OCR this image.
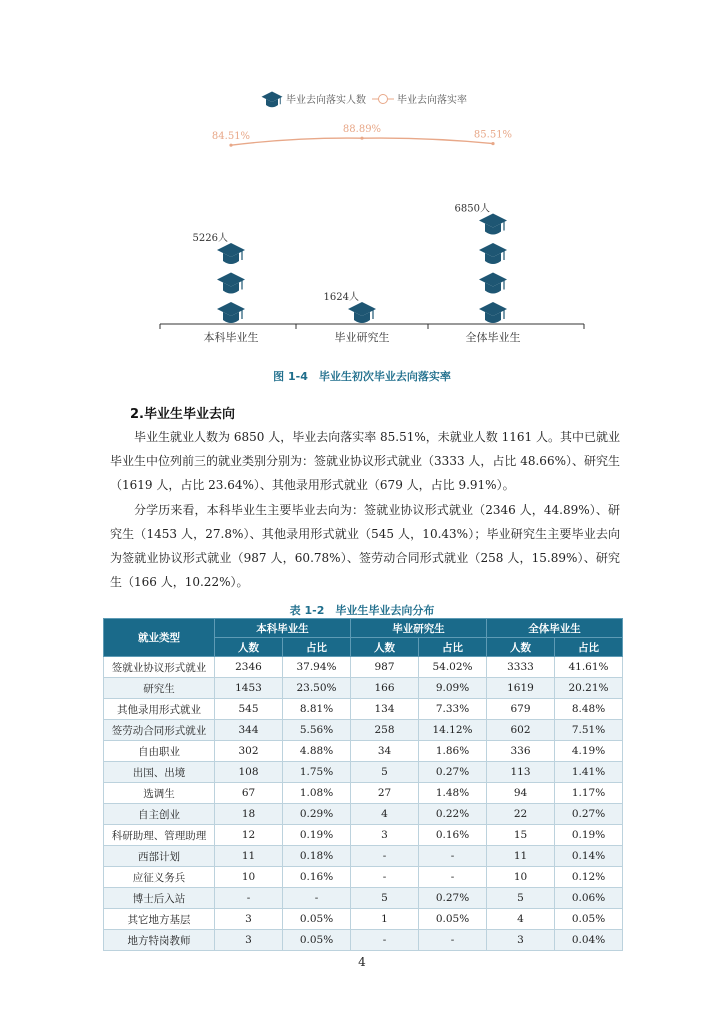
毕业去向落实人数	毕业去向落实率
84.51%
88.89%	85.51%
5226人
1624人
6850人
本科毕业生	毕业研究生	全体毕业生
图 1-4　毕业生初次毕业去向落实率
2.毕业生毕业去向

毕业生就业人数为 6850 人，毕业去向落实率 85.51%，未就业人数 1161 人。其中已就业毕业生中位列前三的就业类别分别为：签就业协议形式就业（3333 人，占比 48.66%）、研究生（1619 人，占比 23.64%）、其他录用形式就业（679 人，占比 9.91%）。

分学历来看，本科毕业生主要毕业去向为：签就业协议形式就业（2346 人，44.89%）、研究生（1453 人，27.8%）、其他录用形式就业（545 人，10.43%）；毕业研究生主要毕业去向为签就业协议形式就业（987 人，60.78%）、签劳动合同形式就业（258 人，15.89%）、研究生（166 人，10.22%）。

表 1-2　毕业生毕业去向分布
就业类型	本科毕业生		毕业研究生		全体毕业生	
	人数	占比	人数	占比	人数	占比
签就业协议形式就业	2346	37.94%	987	54.02%	3333	41.61%
研究生	1453	23.50%	166	9.09%	1619	20.21%
其他录用形式就业	545	8.81%	134	7.33%	679	8.48%
签劳动合同形式就业	344	5.56%	258	14.12%	602	7.51%
自由职业	302	4.88%	34	1.86%	336	4.19%
出国、出境	108	1.75%	5	0.27%	113	1.41%
选调生	67	1.08%	27	1.48%	94	1.17%
自主创业	18	0.29%	4	0.22%	22	0.27%
科研助理、管理助理	12	0.19%	3	0.16%	15	0.19%
西部计划	11	0.18%	-	-	11	0.14%
应征义务兵	10	0.16%	-	-	10	0.12%
博士后入站	-	-	5	0.27%	5	0.06%
其它地方基层	3	0.05%	1	0.05%	4	0.05%
地方特岗教师	3	0.05%	-	-	3	0.04%
4
